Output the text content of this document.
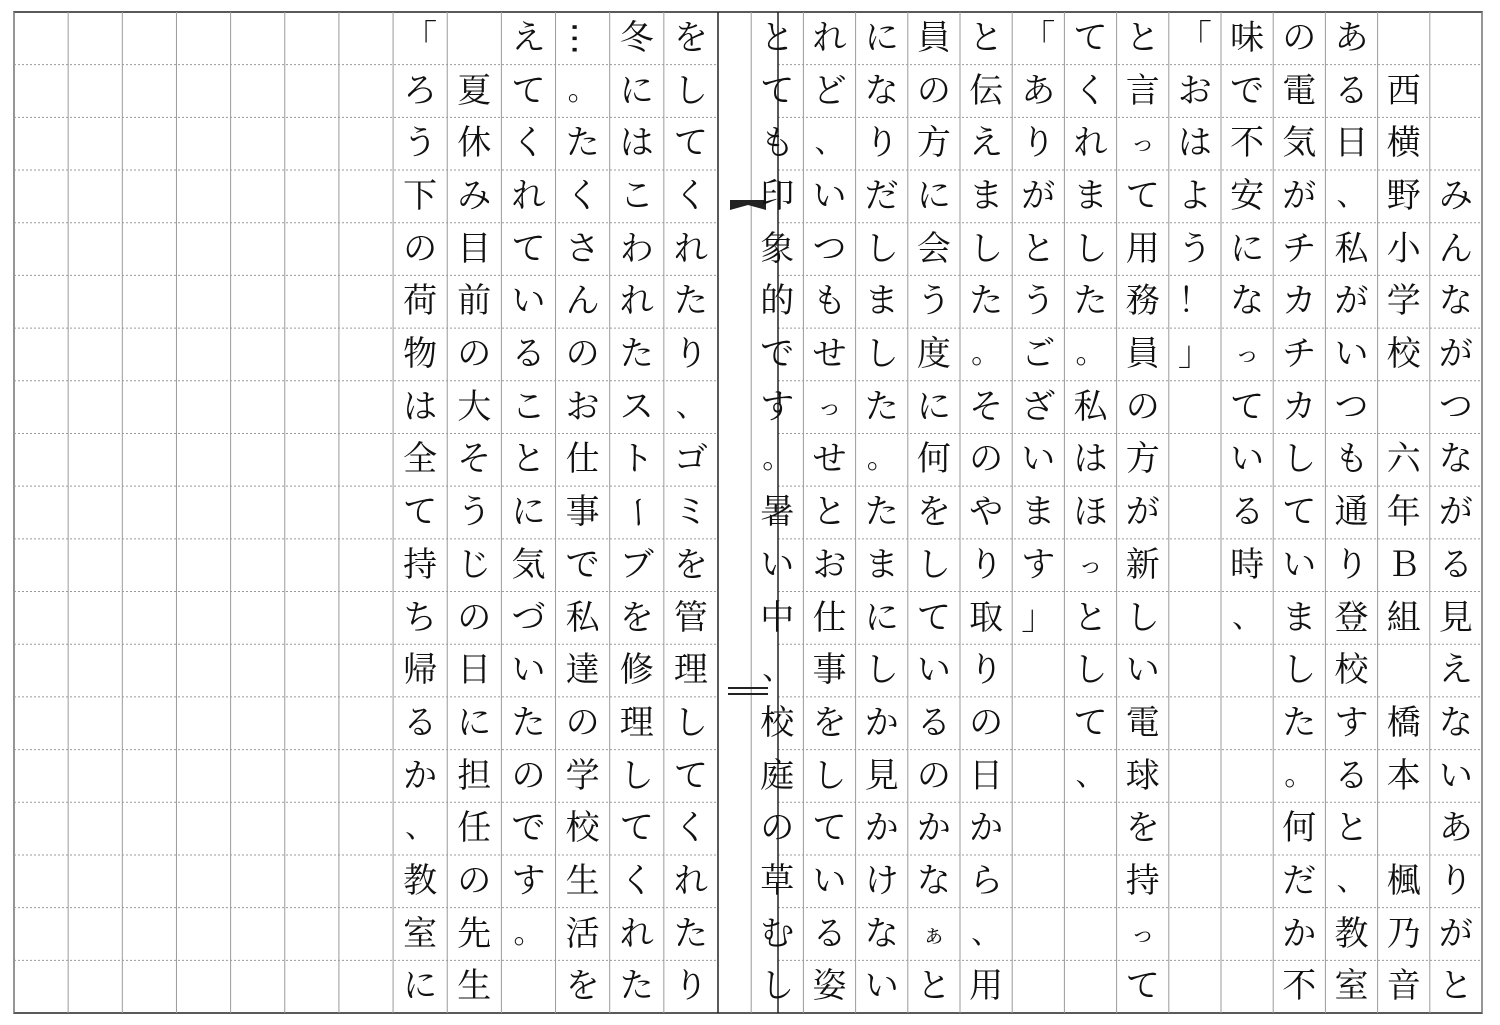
み
ん
な
が
つ
な
が
る
見
え
な
い
あ
り
が
と
西
横
野
小
学
校
六
年
Ｂ
組
橋
本
楓
乃
音
あ
る
日
、
私
が
い
つ
も
通
り
登
校
す
る
と
、
教
室
の
電
気
が
チ
カ
チ
カ
し
て
い
ま
し
た
。
何
だ
か
不
味
で
不
安
に
な
っ
て
い
る
時
、
「
お
は
よ
う
！
」
と
言
っ
て
用
務
員
の
方
が
新
し
い
電
球
を
持
っ
て
て
く
れ
ま
し
た
。
私
は
ほ
っ
と
し
て
、
「
あ
り
が
と
う
ご
ざ
い
ま
す
」
と
伝
え
ま
し
た
。
そ
の
や
り
取
り
の
日
か
ら
、
用
員
の
方
に
会
う
度
に
何
を
し
て
い
る
の
か
な
ぁ
と
に
な
り
だ
し
ま
し
た
。
た
ま
に
し
か
見
か
け
な
い
れ
ど
、
い
つ
も
せ
っ
せ
と
お
仕
事
を
し
て
い
る
姿
と
て
も
印
象
的
で
す
。
暑
い
中
、
校
庭
の
草
む
し
を
し
て
く
れ
た
り
、
ゴ
ミ
を
管
理
し
て
く
れ
た
り
冬
に
は
こ
わ
れ
た
ス
ト
ー
ブ
を
修
理
し
て
く
れ
た
…
。
た
く
さ
ん
の
お
仕
事
で
私
達
の
学
校
生
活
を
え
て
く
れ
て
い
る
こ
と
に
気
づ
い
た
の
で
す
。
夏
休
み
目
前
の
大
そ
う
じ
の
日
に
担
任
の
先
生
「
ろ
う
下
の
荷
物
は
全
て
持
ち
帰
る
か
、
教
室
に
